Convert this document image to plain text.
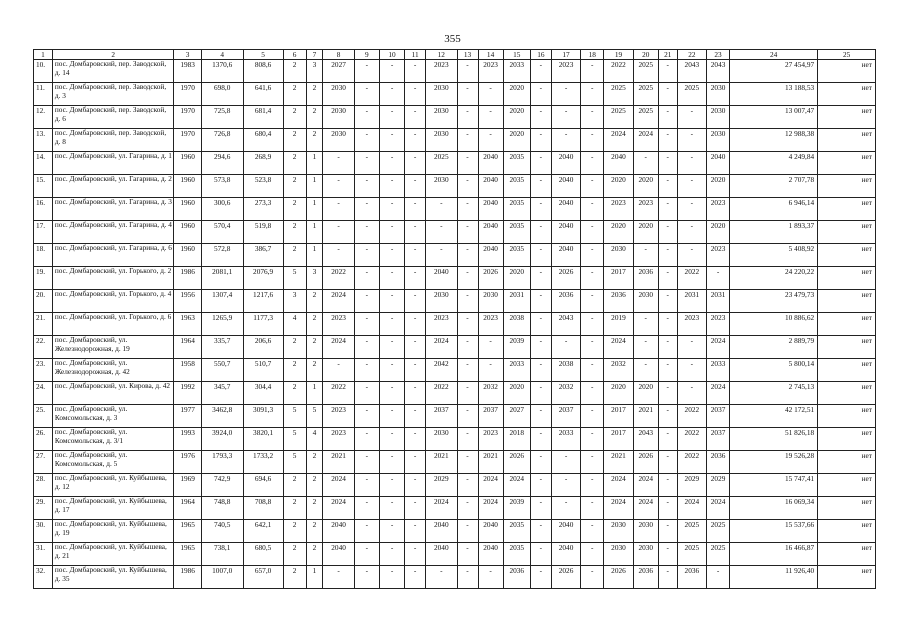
355
1	2	3	4	5	6	7	8	9	10	11	12	13	14	15	16	17	18	19	20	21	22	23	24	25
10.	пос. Домбаровский, пер. Заводской, д. 14	1983	1370,6	808,6	2	3	2027	-	-	-	2023	-	2023	2033	-	2023	-	2022	2025	-	2043	2043	27 454,97	нет
11.	пос. Домбаровский, пер. Заводской, д. 3	1970	698,0	641,6	2	2	2030	-	-	-	2030	-	-	2020	-	-	-	2025	2025	-	2025	2030	13 188,53	нет
12.	пос. Домбаровский, пер. Заводской, д. 6	1970	725,8	681,4	2	2	2030	-	-	-	2030	-	-	2020	-	-	-	2025	2025	-	-	2030	13 007,47	нет
13.	пос. Домбаровский, пер. Заводской, д. 8	1970	726,8	680,4	2	2	2030	-	-	-	2030	-	-	2020	-	-	-	2024	2024	-	-	2030	12 988,38	нет
14.	пос. Домбаровский, ул. Гагарина, д. 1	1960	294,6	268,9	2	1	-	-	-	-	2025	-	2040	2035	-	2040	-	2040	-	-	-	2040	4 249,84	нет
15.	пос. Домбаровский, ул. Гагарина, д. 2	1960	573,8	523,8	2	1	-	-	-	-	2030	-	2040	2035	-	2040	-	2020	2020	-	-	2020	2 707,78	нет
16.	пос. Домбаровский, ул. Гагарина, д. 3	1960	300,6	273,3	2	1	-	-	-	-	-	-	2040	2035	-	2040	-	2023	2023	-	-	2023	6 946,14	нет
17.	пос. Домбаровский, ул. Гагарина, д. 4	1960	570,4	519,8	2	1	-	-	-	-	-	-	2040	2035	-	2040	-	2020	2020	-	-	2020	1 893,37	нет
18.	пос. Домбаровский, ул. Гагарина, д. 6	1960	572,8	386,7	2	1	-	-	-	-	-	-	2040	2035	-	2040	-	2030	-	-	-	2023	5 408,92	нет
19.	пос. Домбаровский, ул. Горького, д. 2	1986	2081,1	2076,9	5	3	2022	-	-	-	2040	-	2026	2020	-	2026	-	2017	2036	-	2022	-	24 220,22	нет
20.	пос. Домбаровский, ул. Горького, д. 4	1956	1307,4	1217,6	3	2	2024	-	-	-	2030	-	2030	2031	-	2036	-	2036	2030	-	2031	2031	23 479,73	нет
21.	пос. Домбаровский, ул. Горького, д. 6	1963	1265,9	1177,3	4	2	2023	-	-	-	2023	-	2023	2038	-	2043	-	2019	-	-	2023	2023	10 886,62	нет
22.	пос. Домбаровский, ул. Железнодорожная, д. 19	1964	335,7	206,6	2	2	2024	-	-	-	2024	-	-	2039	-	-	-	2024	-	-	-	2024	2 889,79	нет
23.	пос. Домбаровский, ул. Железнодорожная, д. 42	1958	550,7	510,7	2	2	-	-	-	-	2042	-	-	2033	-	2038	-	2032	-	-	-	2033	5 800,14	нет
24.	пос. Домбаровский, ул. Кирова, д. 42	1992	345,7	304,4	2	1	2022	-	-	-	2022	-	2032	2020	-	2032	-	2020	2020	-	-	2024	2 745,13	нет
25.	пос. Домбаровский, ул. Комсомольская, д. 3	1977	3462,8	3091,3	5	5	2023	-	-	-	2037	-	2037	2027	-	2037	-	2017	2021	-	2022	2037	42 172,51	нет
26.	пос. Домбаровский, ул. Комсомольская, д. 3/1	1993	3924,0	3820,1	5	4	2023	-	-	-	2030	-	2023	2018	-	2033	-	2017	2043	-	2022	2037	51 826,18	нет
27.	пос. Домбаровский, ул. Комсомольская, д. 5	1976	1793,3	1733,2	5	2	2021	-	-	-	2021	-	2021	2026	-	-	-	2021	2026	-	2022	2036	19 526,28	нет
28.	пос. Домбаровский, ул. Куйбышева, д. 12	1969	742,9	694,6	2	2	2024	-	-	-	2029	-	2024	2024	-	-	-	2024	2024	-	2029	2029	15 747,41	нет
29.	пос. Домбаровский, ул. Куйбышева, д. 17	1964	748,8	708,8	2	2	2024	-	-	-	2024	-	2024	2039	-	-	-	2024	2024	-	2024	2024	16 069,34	нет
30.	пос. Домбаровский, ул. Куйбышева, д. 19	1965	740,5	642,1	2	2	2040	-	-	-	2040	-	2040	2035	-	2040	-	2030	2030	-	2025	2025	15 537,66	нет
31.	пос. Домбаровский, ул. Куйбышева, д. 21	1965	738,1	680,5	2	2	2040	-	-	-	2040	-	2040	2035	-	2040	-	2030	2030	-	2025	2025	16 466,87	нет
32.	пос. Домбаровский, ул. Куйбышева, д. 35	1986	1007,0	657,0	2	1	-	-	-	-	-	-	-	2036	-	2026	-	2026	2036	-	2036	-	11 926,40	нет
